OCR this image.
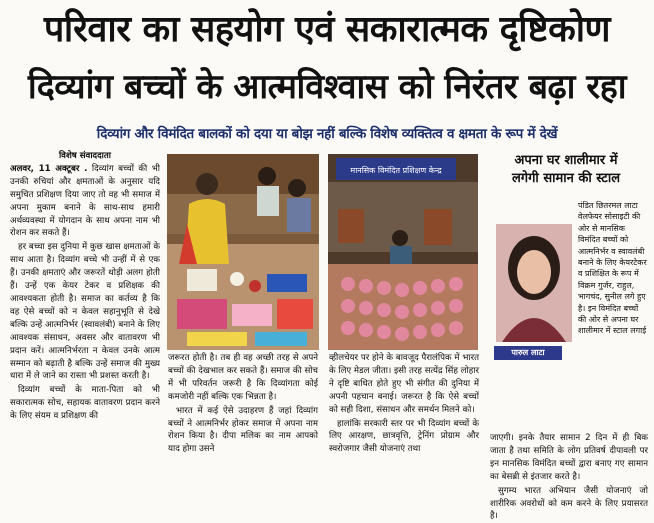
परिवार का सहयोग एवं सकारात्मक दृष्टिकोण
दिव्यांग बच्चों के आत्मविश्वास को निरंतर बढ़ा रहा
दिव्यांग और विमंदित बालकों को दया या बोझ नहीं बल्कि विशेष व्यक्तित्व व क्षमता के रूप में देखें
विशेष संवाददाता

अलवर, 11 अक्टूबर . दिव्यांग बच्चों की भी उनकी रुचियां और क्षमताओं के अनुसार यदि समुचित प्रशिक्षण दिया जाए तो वह भी समाज में अपना मुकाम बनाने के साथ-साथ हमारी अर्थव्यवस्था में योगदान के साथ अपना नाम भी रोशन कर सकते हैं।

हर बच्चा इस दुनिया में कुछ खास क्षमताओं के साथ आता है। दिव्यांग बच्चे भी उन्हीं में से एक हैं। उनकी क्षमताएं और जरूरतें थोड़ी अलग होती हैं। उन्हें एक केयर टेकर व प्रशिक्षक की आवश्यकता होती है। समाज का कर्तव्य है कि वह ऐसे बच्चों को न केवल सहानुभूति से देखे बल्कि उन्हें आत्मनिर्भर (स्वावलंबी) बनाने के लिए आवश्यक संसाधन, अवसर और वातावरण भी प्रदान करें। आत्मनिर्भरता न केवल उनके आत्म सम्मान को बढ़ाती है बल्कि उन्हें समाज की मुख्य धारा में ले जाने का रास्ता भी प्रशस्त करती है।

दिव्यांग बच्चों के माता-पिता को भी सकारात्मक सोच, सहायक वातावरण प्रदान करने के लिए संयम व प्रशिक्षण की

मानसिक विमंदित प्रशिक्षण केन्द्र

जरूरत होती है। तब ही वह अच्छी तरह से अपने बच्चों की देखभाल कर सकते हैं। समाज की सोच में भी परिवर्तन जरूरी है कि दिव्यांगता कोई कमजोरी नहीं बल्कि एक भिन्नता है।

भारत में कई ऐसे उदाहरण हैं जहां दिव्यांग बच्चों ने आत्मनिर्भर होकर समाज में अपना नाम रोशन किया है। दीपा मलिक का नाम आपको याद होगा उसने

व्हीलचेयर पर होने के बावजूद पैरालंपिक में भारत के लिए मेडल जीता। इसी तरह सत्येंद्र सिंह लोहार ने दृष्टि बाधित होते हुए भी संगीत की दुनिया में अपनी पहचान बनाई। जरूरत है कि ऐसे बच्चों को सही दिशा, संसाधन और समर्थन मिलने को।

हालांकि सरकारी स्तर पर भी दिव्यांग बच्चों के लिए आरक्षण, छात्रवृत्ति, ट्रेनिंग प्रोग्राम और स्वरोजगार जैसी योजनाएं तथा

अपना घर शालीमार में
लगेगी सामान की स्टाल
पारुल लाटा
पंडित छितरमल लाटा वेलफेयर सोसाइटी की ओर से मानसिक विमंदित बच्चों को आत्मनिर्भर व स्वावलंबी बनाने के लिए केयरटेकर व प्रशिक्षित के रूप में विक्रम गुर्जर, राहुल, भागचंद, सुनील लगे हुए है। इन विमंदित बच्चों की ओर से अपना घर शालीमार में स्टाल लगाई

जाएगी। इनके तैयार सामान 2 दिन में ही बिक जाता है तथा समिति के लोग प्रतिवर्ष दीपावली पर इन मानसिक विमंदित बच्चों द्वारा बनाए गए सामान का बेसब्री से इंतजार करते है।

सुगम्य भारत अभियान जैसी योजनाएं जो शारीरिक अवरोधों को कम करने के लिए प्रयासरत है।
